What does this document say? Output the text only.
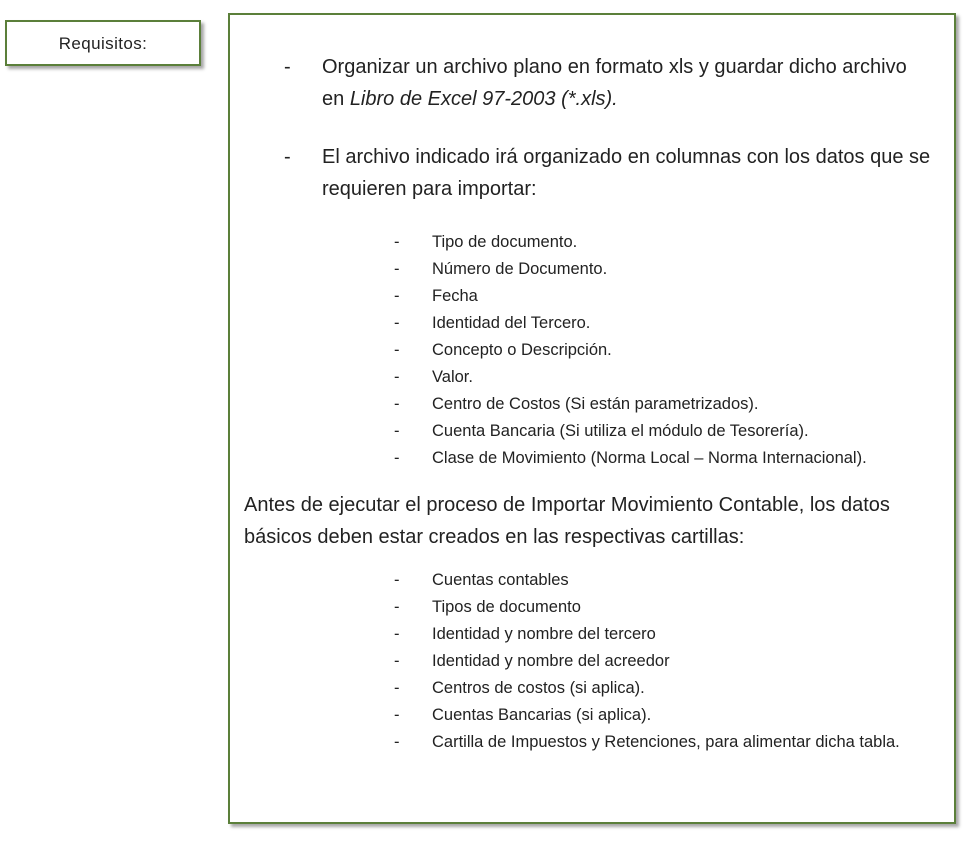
Requisitos:
- Organizar un archivo plano en formato xls y guardar dicho archivo en Libro de Excel 97-2003 (*.xls).
- El archivo indicado irá organizado en columnas con los datos que se requieren para importar:
- Tipo de documento.
- Número de Documento.
- Fecha
- Identidad del Tercero.
- Concepto o Descripción.
- Valor.
- Centro de Costos (Si están parametrizados).
- Cuenta Bancaria (Si utiliza el módulo de Tesorería).
- Clase de Movimiento (Norma Local – Norma Internacional).
Antes de ejecutar el proceso de Importar Movimiento Contable, los datos básicos deben estar creados en las respectivas cartillas:
- Cuentas contables
- Tipos de documento
- Identidad y nombre del tercero
- Identidad y nombre del acreedor
- Centros de costos (si aplica).
- Cuentas Bancarias (si aplica).
- Cartilla de Impuestos y Retenciones, para alimentar dicha tabla.
